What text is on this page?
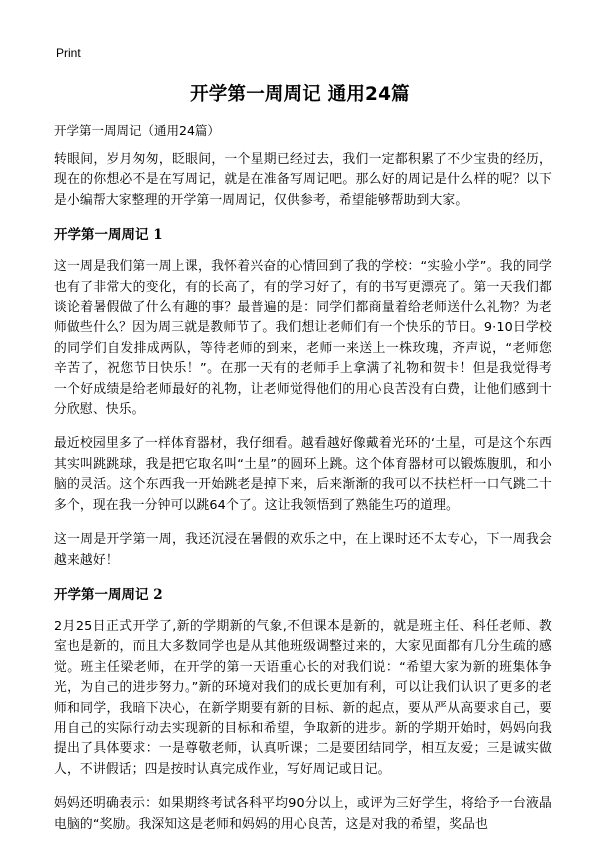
Print
开学第一周周记 通用24篇
开学第一周周记（通用24篇）

转眼间，岁月匆匆，眨眼间，一个星期已经过去，我们一定都积累了不少宝贵的经历，现在的你想必不是在写周记，就是在准备写周记吧。那么好的周记是什么样的呢？以下是小编帮大家整理的开学第一周周记，仅供参考，希望能够帮助到大家。

开学第一周周记 1

这一周是我们第一周上课，我怀着兴奋的心情回到了我的学校：“实验小学”。我的同学也有了非常大的变化，有的长高了，有的学习好了，有的书写更漂亮了。第一天我们都谈论着暑假做了什么有趣的事？最普遍的是：同学们都商量着给老师送什么礼物？为老师做些什么？因为周三就是教师节了。我们想让老师们有一个快乐的节日。9·10日学校的同学们自发排成两队，等待老师的到来，老师一来送上一株玫瑰，齐声说，“老师您辛苦了，祝您节日快乐！”。在那一天有的老师手上拿满了礼物和贺卡！但是我觉得考一个好成绩是给老师最好的礼物，让老师觉得他们的用心良苦没有白费，让他们感到十分欣慰、快乐。

最近校园里多了一样体育器材，我仔细看。越看越好像戴着光环的‘土星，可是这个东西其实叫跳跳球，我是把它取名叫“土星”的圆环上跳。这个体育器材可以锻炼腹肌，和小脑的灵活。这个东西我一开始跳老是掉下来，后来渐渐的我可以不扶栏杆一口气跳二十多个，现在我一分钟可以跳64个了。这让我领悟到了熟能生巧的道理。

这一周是开学第一周，我还沉浸在暑假的欢乐之中，在上课时还不太专心，下一周我会越来越好！

开学第一周周记 2

2月25日正式开学了,新的学期新的气象,不但课本是新的，就是班主任、科任老师、教室也是新的，而且大多数同学也是从其他班级调整过来的，大家见面都有几分生疏的感觉。班主任梁老师，在开学的第一天语重心长的对我们说：“希望大家为新的班集体争光，为自己的进步努力。”新的环境对我们的成长更加有利，可以让我们认识了更多的老师和同学，我暗下决心，在新学期要有新的目标、新的起点，要从严从高要求自己，要用自己的实际行动去实现新的目标和希望，争取新的进步。新的学期开始时，妈妈向我提出了具体要求：一是尊敬老师，认真听课；二是要团结同学，相互友爱；三是诚实做人，不讲假话；四是按时认真完成作业，写好周记或日记。

妈妈还明确表示：如果期终考试各科平均90分以上，或评为三好学生，将给予一台液晶电脑的“奖励。我深知这是老师和妈妈的用心良苦，这是对我的希望，奖品也
